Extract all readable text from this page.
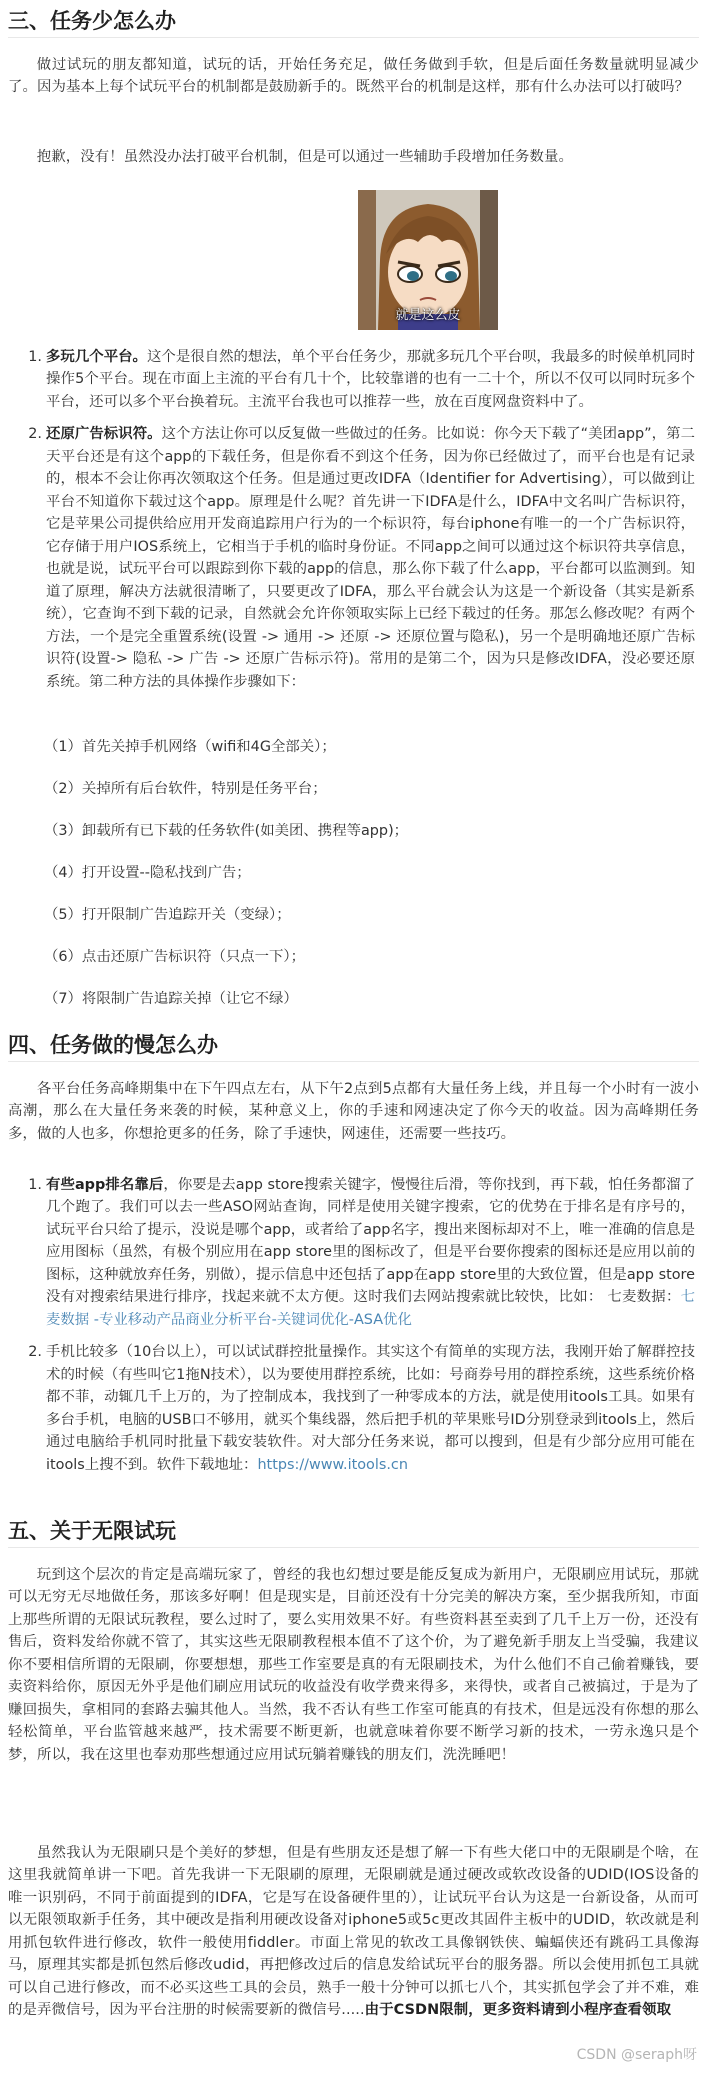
三、任务少怎么办

做过试玩的朋友都知道，试玩的话，开始任务充足，做任务做到手软，但是后面任务数量就明显减少了。因为基本上每个试玩平台的机制都是鼓励新手的。既然平台的机制是这样，那有什么办法可以打破吗？

抱歉，没有！虽然没办法打破平台机制，但是可以通过一些辅助手段增加任务数量。

就是这么皮
1. 多玩几个平台。这个是很自然的想法，单个平台任务少，那就多玩几个平台呗，我最多的时候单机同时操作5个平台。现在市面上主流的平台有几十个，比较靠谱的也有一二十个，所以不仅可以同时玩多个平台，还可以多个平台换着玩。主流平台我也可以推荐一些，放在百度网盘资料中了。
2. 还原广告标识符。这个方法让你可以反复做一些做过的任务。比如说：你今天下载了“美团app”，第二天平台还是有这个app的下载任务，但是你看不到这个任务，因为你已经做过了，而平台也是有记录的，根本不会让你再次领取这个任务。但是通过更改IDFA（Identifier for Advertising），可以做到让平台不知道你下载过这个app。原理是什么呢？首先讲一下IDFA是什么，IDFA中文名叫广告标识符，它是苹果公司提供给应用开发商追踪用户行为的一个标识符，每台iphone有唯一的一个广告标识符，它存储于用户IOS系统上，它相当于手机的临时身份证。不同app之间可以通过这个标识符共享信息，也就是说，试玩平台可以跟踪到你下载的app的信息，那么你下载了什么app，平台都可以监测到。知道了原理，解决方法就很清晰了，只要更改了IDFA，那么平台就会认为这是一个新设备（其实是新系统），它查询不到下载的记录，自然就会允许你领取实际上已经下载过的任务。那怎么修改呢？有两个方法，一个是完全重置系统(设置 -> 通用 -> 还原 -> 还原位置与隐私)，另一个是明确地还原广告标识符(设置-> 隐私 -> 广告 -> 还原广告标示符)。常用的是第二个，因为只是修改IDFA，没必要还原系统。第二种方法的具体操作步骤如下：
（1）首先关掉手机网络（wifi和4G全部关）；
（2）关掉所有后台软件，特别是任务平台；
（3）卸载所有已下载的任务软件(如美团、携程等app)；
（4）打开设置--隐私找到广告；
（5）打开限制广告追踪开关（变绿）；
（6）点击还原广告标识符（只点一下）；
（7）将限制广告追踪关掉（让它不绿）
四、任务做的慢怎么办

各平台任务高峰期集中在下午四点左右，从下午2点到5点都有大量任务上线，并且每一个小时有一波小高潮，那么在大量任务来袭的时候，某种意义上，你的手速和网速决定了你今天的收益。因为高峰期任务多，做的人也多，你想抢更多的任务，除了手速快，网速佳，还需要一些技巧。

1. 有些app排名靠后，你要是去app store搜索关键字，慢慢往后滑，等你找到，再下载，怕任务都溜了几个跑了。我们可以去一些ASO网站查询，同样是使用关键字搜索，它的优势在于排名是有序号的，试玩平台只给了提示，没说是哪个app，或者给了app名字，搜出来图标却对不上，唯一准确的信息是应用图标（虽然，有极个别应用在app store里的图标改了，但是平台要你搜索的图标还是应用以前的图标，这种就放弃任务，别做），提示信息中还包括了app在app store里的大致位置，但是app store没有对搜索结果进行排序，找起来就不太方便。这时我们去网站搜索就比较快，比如： 七麦数据：七麦数据 -专业移动产品商业分析平台-关键词优化-ASA优化
2. 手机比较多（10台以上），可以试试群控批量操作。其实这个有简单的实现方法，我刚开始了解群控技术的时候（有些叫它1拖N技术），以为要使用群控系统，比如：号商券号用的群控系统，这些系统价格都不菲，动辄几千上万的，为了控制成本，我找到了一种零成本的方法，就是使用itools工具。如果有多台手机，电脑的USB口不够用，就买个集线器，然后把手机的苹果账号ID分别登录到itools上，然后通过电脑给手机同时批量下载安装软件。对大部分任务来说，都可以搜到，但是有少部分应用可能在itools上搜不到。软件下载地址：https://www.itools.cn
五、关于无限试玩

玩到这个层次的肯定是高端玩家了，曾经的我也幻想过要是能反复成为新用户，无限刷应用试玩，那就可以无穷无尽地做任务，那该多好啊！但是现实是，目前还没有十分完美的解决方案，至少据我所知，市面上那些所谓的无限试玩教程，要么过时了，要么实用效果不好。有些资料甚至卖到了几千上万一份，还没有售后，资料发给你就不管了，其实这些无限刷教程根本值不了这个价，为了避免新手朋友上当受骗，我建议你不要相信所谓的无限刷，你要想想，那些工作室要是真的有无限刷技术，为什么他们不自己偷着赚钱，要卖资料给你，原因无外乎是他们刷应用试玩的收益没有收学费来得多，来得快，或者自己被搞过，于是为了赚回损失，拿相同的套路去骗其他人。当然，我不否认有些工作室可能真的有技术，但是远没有你想的那么轻松简单，平台监管越来越严，技术需要不断更新，也就意味着你要不断学习新的技术，一劳永逸只是个梦，所以，我在这里也奉劝那些想通过应用试玩躺着赚钱的朋友们，洗洗睡吧！

虽然我认为无限刷只是个美好的梦想，但是有些朋友还是想了解一下有些大佬口中的无限刷是个啥，在这里我就简单讲一下吧。首先我讲一下无限刷的原理，无限刷就是通过硬改或软改设备的UDID(IOS设备的唯一识别码，不同于前面提到的IDFA，它是写在设备硬件里的），让试玩平台认为这是一台新设备，从而可以无限领取新手任务，其中硬改是指利用硬改设备对iphone5或5c更改其固件主板中的UDID，软改就是利用抓包软件进行修改，软件一般使用fiddler。市面上常见的软改工具像钢铁侠、蝙蝠侠还有跳码工具像海马，原理其实都是抓包然后修改udid，再把修改过后的信息发给试玩平台的服务器。所以会使用抓包工具就可以自己进行修改，而不必买这些工具的会员，熟手一般十分钟可以抓七八个，其实抓包学会了并不难，难的是弄微信号，因为平台注册的时候需要新的微信号.....由于CSDN限制，更多资料请到小程序查看领取

CSDN @seraph呀
